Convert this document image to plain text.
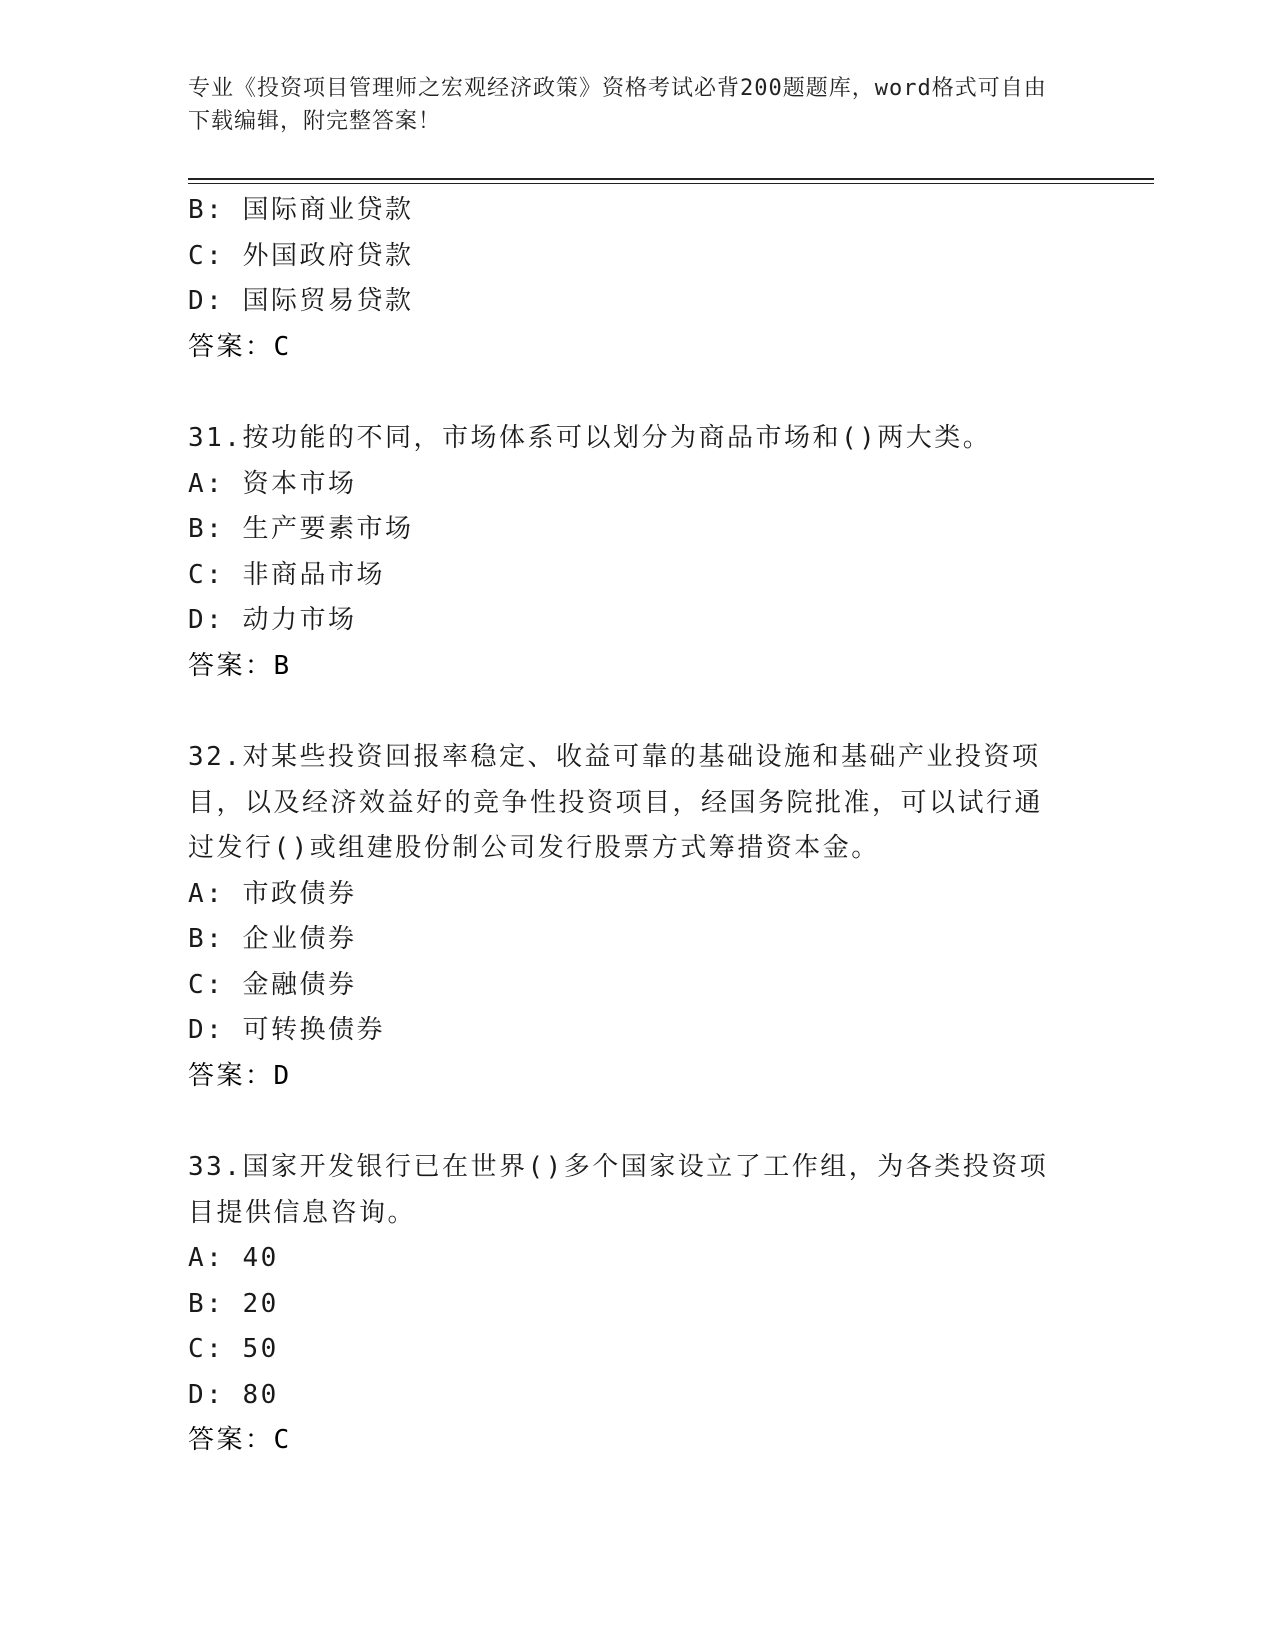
专业《投资项目管理师之宏观经济政策》资格考试必背200题题库，word格式可自由下载编辑，附完整答案！
B: 国际商业贷款
C: 外国政府贷款
D: 国际贸易贷款
答案：C
31.按功能的不同，市场体系可以划分为商品市场和()两大类。
A: 资本市场
B: 生产要素市场
C: 非商品市场
D: 动力市场
答案：B
32.对某些投资回报率稳定、收益可靠的基础设施和基础产业投资项目，以及经济效益好的竞争性投资项目，经国务院批准，可以试行通过发行()或组建股份制公司发行股票方式筹措资本金。
A: 市政债券
B: 企业债券
C: 金融债券
D: 可转换债券
答案：D
33.国家开发银行已在世界()多个国家设立了工作组，为各类投资项目提供信息咨询。
A: 40
B: 20
C: 50
D: 80
答案：C
